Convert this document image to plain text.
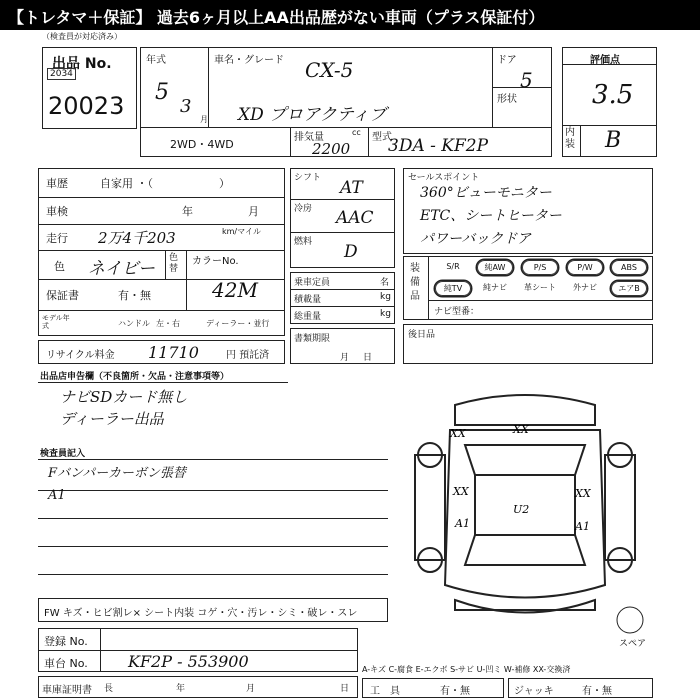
【トレタマ＋保証】 過去6ヶ月以上AA出品歴がない車両（プラス保証付）
（検査員が対応済み）
出品 No.
2034
20023
年式
5
3
月
車名・グレード CX-5
XD プロアクティブ
ドア
5
形状
2WD・4WD
排気量	cc
2200
型式
3DA - KF2P
評価点
3.5
内装 B
車歴	自家用 ・（　　　　　　）
車検	年	月
走行 2万4千203	km/マイル
色 ネイビー
色替
カラーNo.
42M
保証書	有・無
モデル年式	ハンドル 左・右	ディーラー・並行
リサイクル料金 11710	円 預託済
シフト AT
冷房 AAC
燃料 D
乗車定員	名
積載量	kg
総重量	kg
書類期限
月日
セールスポイント
360°ビューモニター
ETC、シートヒーター
パワーバックドア
装備品
S/R	純AW	P/S	P/W	ABS
純TV	純ナビ	革シート	外ナビ	エアB
ナビ型番：
後日品
出品店申告欄（不良箇所・欠品・注意事項等）
ナビSDカード無し
ディーラー出品
検査員記入
Fバンパーカーボン張替
A1
FW キズ・ヒビ割レ× シート内装 コゲ・穴・汚レ・シミ・破レ・スレ
登録 No.
車台 No.	KF2P - 553900
車庫証明書 長	年	月	日
XX	XX
XX
A1
U2
XX
A1
スペア
A-キズ C-腐食 E-エクボ S-サビ U-凹ミ W-補修 XX-交換済
工具	有・無	ジャッキ	有・無
